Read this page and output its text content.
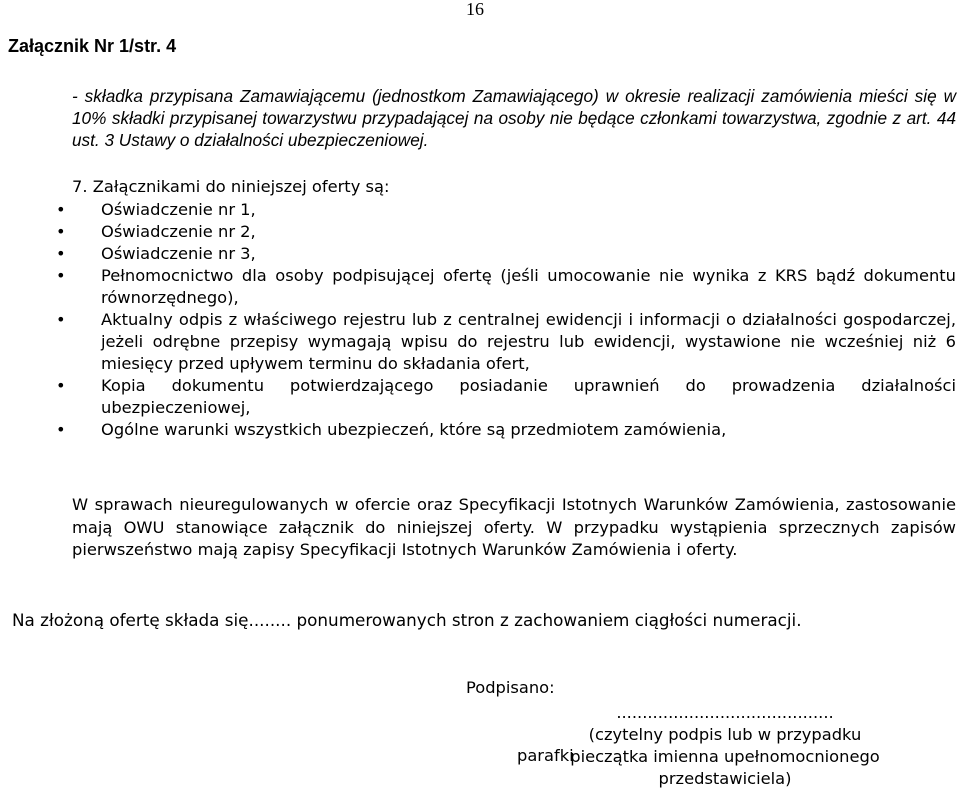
16
Załącznik Nr 1/str. 4
- składka przypisana Zamawiającemu (jednostkom Zamawiającego) w okresie realizacji zamówienia mieści się w 10% składki przypisanej towarzystwu przypadającej na osoby nie będące członkami towarzystwa, zgodnie z art. 44 ust. 3 Ustawy o działalności ubezpieczeniowej.
7. Załącznikami do niniejszej oferty są:
• Oświadczenie nr 1,
• Oświadczenie nr 2,
• Oświadczenie nr 3,
• Pełnomocnictwo dla osoby podpisującej ofertę (jeśli umocowanie nie wynika z KRS bądź dokumentu równorzędnego),
• Aktualny odpis z właściwego rejestru lub z centralnej ewidencji i informacji o działalności gospodarczej, jeżeli odrębne przepisy wymagają wpisu do rejestru lub ewidencji, wystawione nie wcześniej niż 6 miesięcy przed upływem terminu do składania ofert,
• Kopia dokumentu potwierdzającego posiadanie uprawnień do prowadzenia działalności ubezpieczeniowej,
• Ogólne warunki wszystkich ubezpieczeń, które są przedmiotem zamówienia,
W sprawach nieuregulowanych w ofercie oraz Specyfikacji Istotnych Warunków Zamówienia, zastosowanie mają OWU stanowiące załącznik do niniejszej oferty. W przypadku wystąpienia sprzecznych zapisów pierwszeństwo mają zapisy Specyfikacji Istotnych Warunków Zamówienia i oferty.
Na złożoną ofertę składa się........ ponumerowanych stron z zachowaniem ciągłości numeracji.
Podpisano:
..........................................
(czytelny podpis lub w przypadku
parafki
pieczątka imienna upełnomocnionego
przedstawiciela)
